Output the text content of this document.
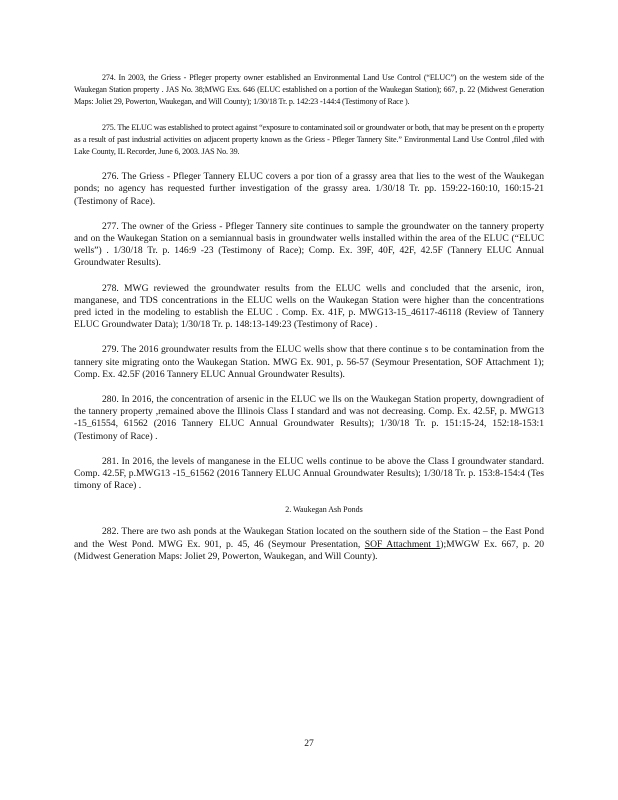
274. In 2003, the Griess - Pfleger property owner established an Environmental Land Use Control (“ELUC”) on the western side of the Waukegan Station property . JAS No. 38;MWG Exs. 646 (ELUC established on a portion of the Waukegan Station); 667, p. 22 (Midwest Generation Maps: Joliet 29, Powerton, Waukegan, and Will County); 1/30/18 Tr. p. 142:23 -144:4 (Testimony of Race ).

275. The ELUC was established to protect against “exposure to contaminated soil or groundwater or both, that may be present on th e property as a result of past industrial activities on adjacent property known as the Griess - Pfleger Tannery Site.” Environmental Land Use Control ,filed with Lake County, IL Recorder, June 6, 2003. JAS No. 39.

276. The Griess - Pfleger Tannery ELUC covers a por tion of a grassy area that lies to the west of the Waukegan ponds; no agency has requested further investigation of the grassy area. 1/30/18 Tr. pp. 159:22-160:10, 160:15-21 (Testimony of Race).

277. The owner of the Griess - Pfleger Tannery site continues to sample the groundwater on the tannery property and on the Waukegan Station on a semiannual basis in groundwater wells installed within the area of the ELUC (“ELUC wells”) . 1/30/18 Tr. p. 146:9 -23 (Testimony of Race); Comp. Ex. 39F, 40F, 42F, 42.5F (Tannery ELUC Annual Groundwater Results).

278. MWG reviewed the groundwater results from the ELUC wells and concluded that the arsenic, iron, manganese, and TDS concentrations in the ELUC wells on the Waukegan Station were higher than the concentrations pred icted in the modeling to establish the ELUC . Comp. Ex. 41F, p. MWG13-15_46117-46118 (Review of Tannery ELUC Groundwater Data); 1/30/18 Tr. p. 148:13-149:23 (Testimony of Race) .

279. The 2016 groundwater results from the ELUC wells show that there continue s to be contamination from the tannery site migrating onto the Waukegan Station. MWG Ex. 901, p. 56-57 (Seymour Presentation, SOF Attachment 1); Comp. Ex. 42.5F (2016 Tannery ELUC Annual Groundwater Results).

280. In 2016, the concentration of arsenic in the ELUC we lls on the Waukegan Station property, downgradient of the tannery property ,remained above the Illinois Class I standard and was not decreasing. Comp. Ex. 42.5F, p. MWG13 -15_61554, 61562 (2016 Tannery ELUC Annual Groundwater Results); 1/30/18 Tr. p. 151:15-24, 152:18-153:1 (Testimony of Race) .

281. In 2016, the levels of manganese in the ELUC wells continue to be above the Class I groundwater standard. Comp. 42.5F, p.MWG13 -15_61562 (2016 Tannery ELUC Annual Groundwater Results); 1/30/18 Tr. p. 153:8-154:4 (Tes timony of Race) .

2. Waukegan Ash Ponds

282. There are two ash ponds at the Waukegan Station located on the southern side of the Station – the East Pond and the West Pond. MWG Ex. 901, p. 45, 46 (Seymour Presentation, SOF Attachment 1);MWGW Ex. 667, p. 20 (Midwest Generation Maps: Joliet 29, Powerton, Waukegan, and Will County).

27
